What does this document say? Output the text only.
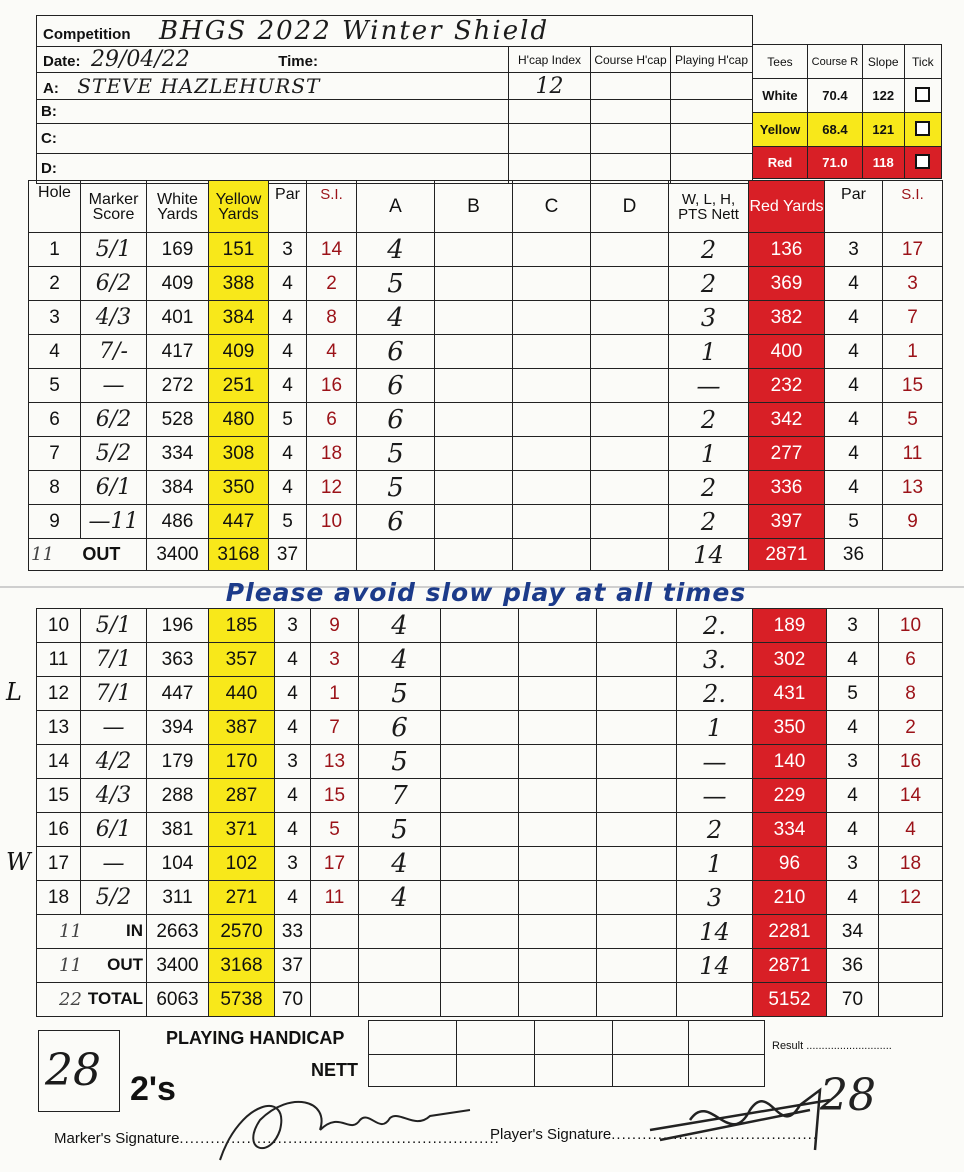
Competition BHGS 2022 Winter Shield			
Date: 29/04/22 Time:	H'cap Index	Course H'cap	Playing H'cap
A: STEVE HAZLEHURST	12		
B:			
C:			
D:			
Tees	Course R	Slope	Tick
White	70.4	122	
Yellow	68.4	121	
Red	71.0	118	
Hole	Marker Score	White Yards	Yellow Yards	Par	S.I.	A	B	C	D	W, L, H, PTS Nett	Red Yards	Par	S.I.
1	5/1	169	151	3	14	4				2	136	3	17
2	6/2	409	388	4	2	5				2	369	4	3
3	4/3	401	384	4	8	4				3	382	4	7
4	7/-	417	409	4	4	6				1	400	4	1
5	—	272	251	4	16	6				—	232	4	15
6	6/2	528	480	5	6	6				2	342	4	5
7	5/2	334	308	4	18	5				1	277	4	11
8	6/1	384	350	4	12	5				2	336	4	13
9	—11	486	447	5	10	6				2	397	5	9
11 OUT		3400	3168	37						14	2871	36	
Please avoid slow play at all times
10	5/1	196	185	3	9	4				2.	189	3	10
11	7/1	363	357	4	3	4				3.	302	4	6
12	7/1	447	440	4	1	5				2.	431	5	8
13	—	394	387	4	7	6				1	350	4	2
14	4/2	179	170	3	13	5				—	140	3	16
15	4/3	288	287	4	15	7				—	229	4	14
16	6/1	381	371	4	5	5				2	334	4	4
17	—	104	102	3	17	4				1	96	3	18
18	5/2	311	271	4	11	4				3	210	4	12

11 IN		2663	2570	33						14	2281	34	

11 OUT		3400	3168	37						14	2871	36	

22 TOTAL		6063	5738	70							5152	70	
L
W

PLAYING HANDICAP
NETT
28 2's
Result ............................
Marker's Signature..............................................................
Player's Signature........................................
28
